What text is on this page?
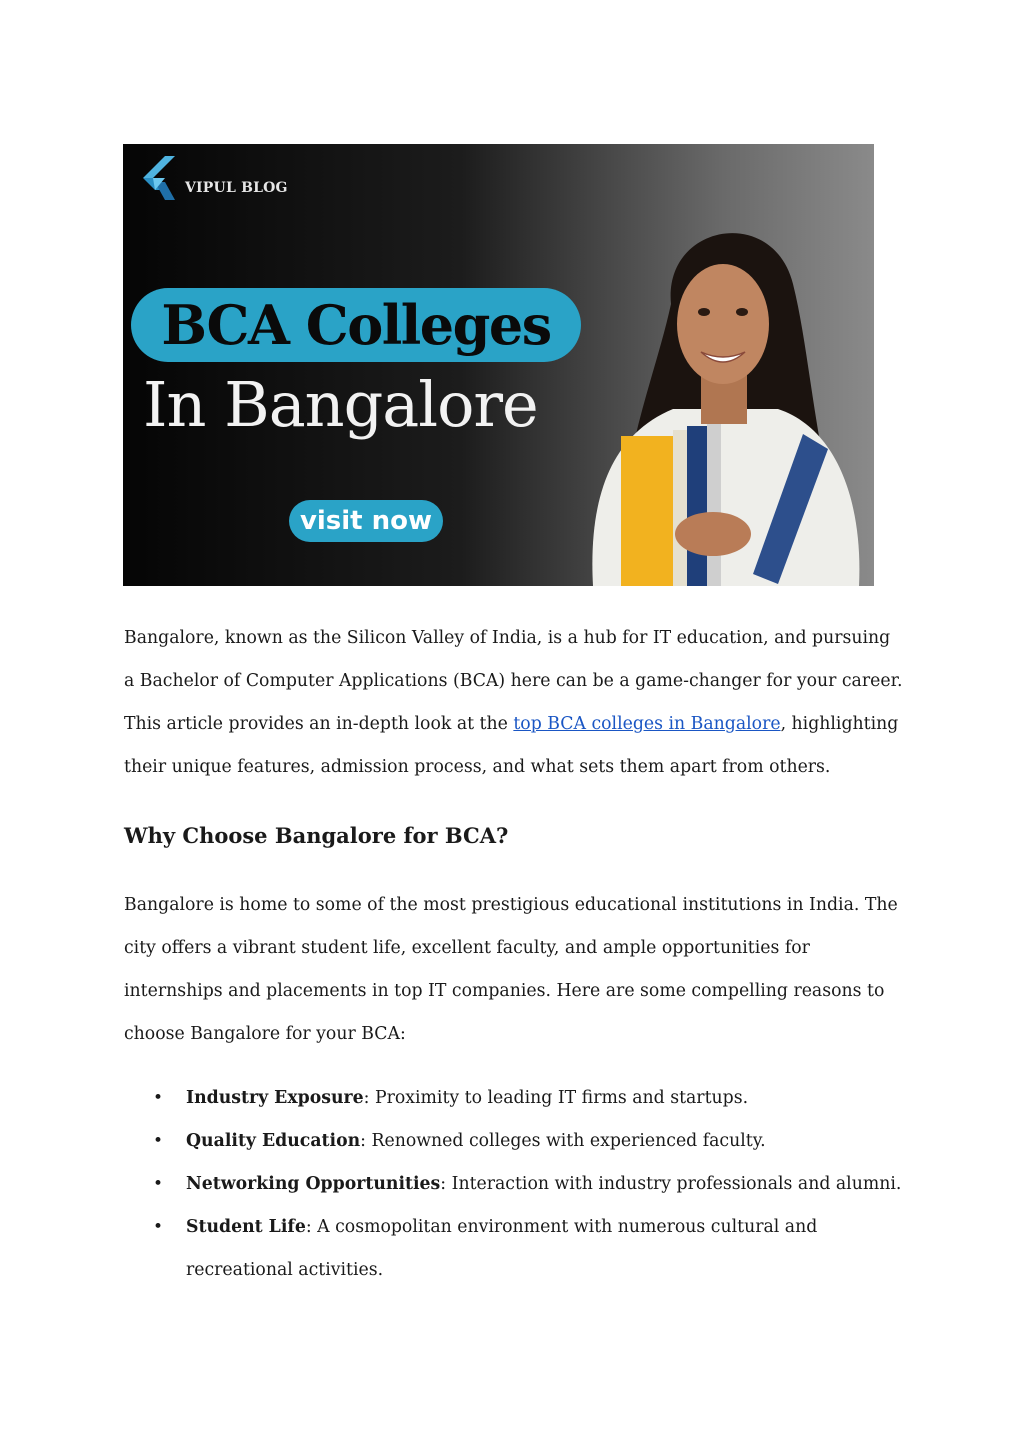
VIPUL BLOG
BCA Colleges
In Bangalore
visit now
Bangalore, known as the Silicon Valley of India, is a hub for IT education, and pursuing a Bachelor of Computer Applications (BCA) here can be a game-changer for your career. This article provides an in-depth look at the top BCA colleges in Bangalore, highlighting their unique features, admission process, and what sets them apart from others.
Why Choose Bangalore for BCA?
Bangalore is home to some of the most prestigious educational institutions in India. The city offers a vibrant student life, excellent faculty, and ample opportunities for internships and placements in top IT companies. Here are some compelling reasons to choose Bangalore for your BCA:
• Industry Exposure: Proximity to leading IT firms and startups.
• Quality Education: Renowned colleges with experienced faculty.
• Networking Opportunities: Interaction with industry professionals and alumni.
• Student Life: A cosmopolitan environment with numerous cultural and recreational activities.
